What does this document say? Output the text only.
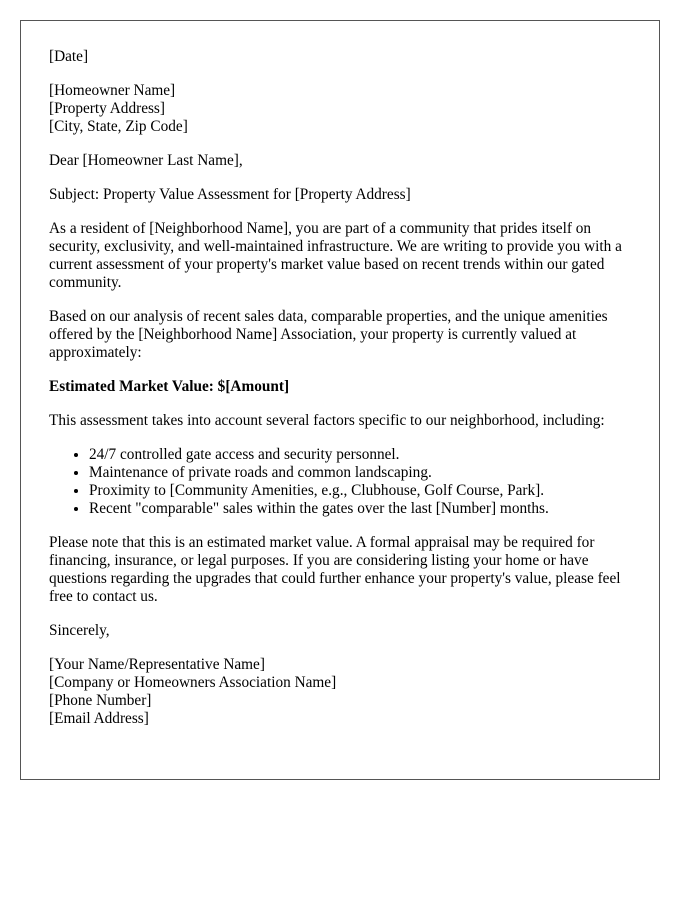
[Date]

[Homeowner Name]
[Property Address]
[City, State, Zip Code]

Dear [Homeowner Last Name],

Subject: Property Value Assessment for [Property Address]

As a resident of [Neighborhood Name], you are part of a community that prides itself on security, exclusivity, and well-maintained infrastructure. We are writing to provide you with a current assessment of your property's market value based on recent trends within our gated community.

Based on our analysis of recent sales data, comparable properties, and the unique amenities offered by the [Neighborhood Name] Association, your property is currently valued at approximately:

Estimated Market Value: $[Amount]

This assessment takes into account several factors specific to our neighborhood, including:

• 24/7 controlled gate access and security personnel.
• Maintenance of private roads and common landscaping.
• Proximity to [Community Amenities, e.g., Clubhouse, Golf Course, Park].
• Recent "comparable" sales within the gates over the last [Number] months.

Please note that this is an estimated market value. A formal appraisal may be required for financing, insurance, or legal purposes. If you are considering listing your home or have questions regarding the upgrades that could further enhance your property's value, please feel free to contact us.

Sincerely,

[Your Name/Representative Name]
[Company or Homeowners Association Name]
[Phone Number]
[Email Address]
